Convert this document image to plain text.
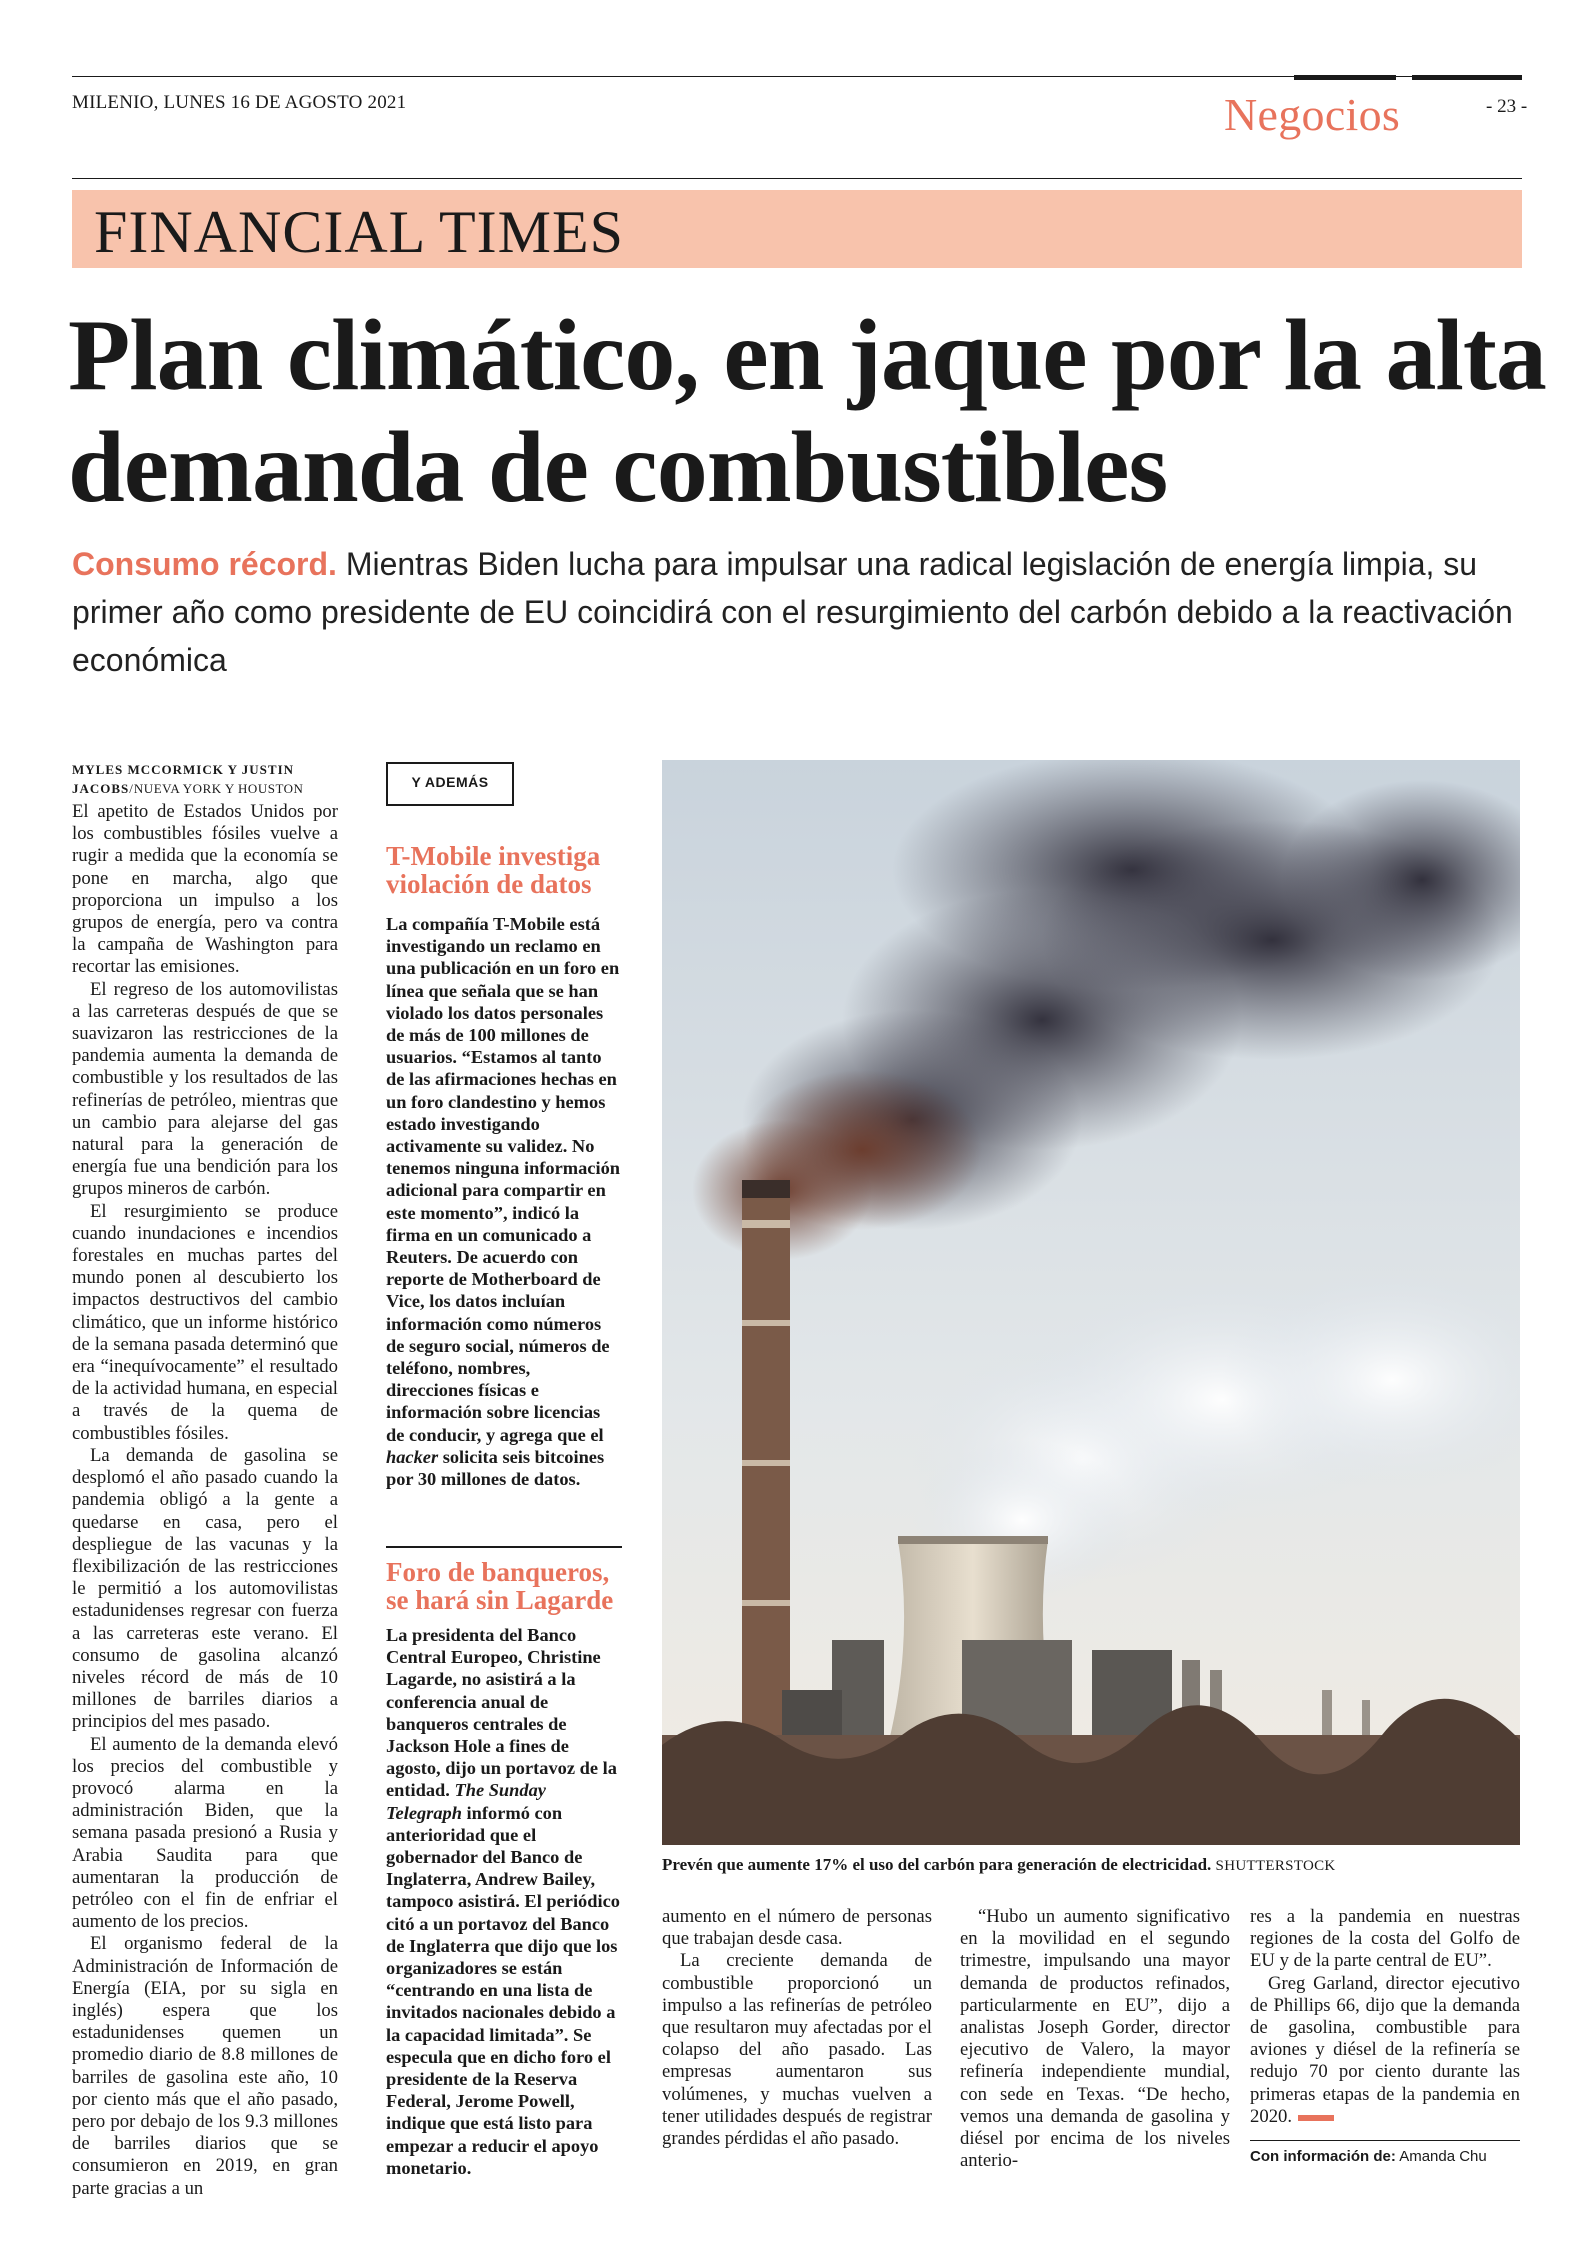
MILENIO, LUNES 16 DE AGOSTO 2021	Negocios	- 23 -
FINANCIAL TIMES
Plan climático, en jaque por la alta demanda de combustibles
Consumo récord. Mientras Biden lucha para impulsar una radical legislación de energía limpia, su primer año como presidente de EU coincidirá con el resurgimiento del carbón debido a la reactivación económica
MYLES MCCORMICK Y JUSTIN JACOBS/NUEVA YORK Y HOUSTON

El apetito de Estados Unidos por los combustibles fósiles vuelve a rugir a medida que la economía se pone en marcha, algo que proporciona un impulso a los grupos de energía, pero va contra la campaña de Washington para recortar las emisiones.

El regreso de los automovilistas a las carreteras después de que se suavizaron las restricciones de la pandemia aumenta la demanda de combustible y los resultados de las refinerías de petróleo, mientras que un cambio para alejarse del gas natural para la generación de energía fue una bendición para los grupos mineros de carbón.

El resurgimiento se produce cuando inundaciones e incendios forestales en muchas partes del mundo ponen al descubierto los impactos destructivos del cambio climático, que un informe histórico de la semana pasada determinó que era “inequívocamente” el resultado de la actividad humana, en especial a través de la quema de combustibles fósiles.

La demanda de gasolina se desplomó el año pasado cuando la pandemia obligó a la gente a quedarse en casa, pero el despliegue de las vacunas y la flexibilización de las restricciones le permitió a los automovilistas estadunidenses regresar con fuerza a las carreteras este verano. El consumo de gasolina alcanzó niveles récord de más de 10 millones de barriles diarios a principios del mes pasado.

El aumento de la demanda elevó los precios del combustible y provocó alarma en la administración Biden, que la semana pasada presionó a Rusia y Arabia Saudita para que aumentaran la producción de petróleo con el fin de enfriar el aumento de los precios.

El organismo federal de la Administración de Información de Energía (EIA, por su sigla en inglés) espera que los estadunidenses quemen un promedio diario de 8.8 millones de barriles de gasolina este año, 10 por ciento más que el año pasado, pero por debajo de los 9.3 millones de barriles diarios que se consumieron en 2019, en gran parte gracias a un

Y ADEMÁS
T-Mobile investiga violación de datos

La compañía T-Mobile está investigando un reclamo en una publicación en un foro en línea que señala que se han violado los datos personales de más de 100 millones de usuarios. “Estamos al tanto de las afirmaciones hechas en un foro clandestino y hemos estado investigando activamente su validez. No tenemos ninguna información adicional para compartir en este momento”, indicó la firma en un comunicado a Reuters. De acuerdo con reporte de Motherboard de Vice, los datos incluían información como números de seguro social, números de teléfono, nombres, direcciones físicas e información sobre licencias de conducir, y agrega que el hacker solicita seis bitcoines por 30 millones de datos.

Foro de banqueros, se hará sin Lagarde

La presidenta del Banco Central Europeo, Christine Lagarde, no asistirá a la conferencia anual de banqueros centrales de Jackson Hole a fines de agosto, dijo un portavoz de la entidad. The Sunday Telegraph informó con anterioridad que el gobernador del Banco de Inglaterra, Andrew Bailey, tampoco asistirá. El periódico citó a un portavoz del Banco de Inglaterra que dijo que los organizadores se están “centrando en una lista de invitados nacionales debido a la capacidad limitada”. Se especula que en dicho foro el presidente de la Reserva Federal, Jerome Powell, indique que está listo para empezar a reducir el apoyo monetario.

Prevén que aumente 17% el uso del carbón para generación de electricidad. SHUTTERSTOCK

aumento en el número de personas que trabajan desde casa.

La creciente demanda de combustible proporcionó un impulso a las refinerías de petróleo que resultaron muy afectadas por el colapso del año pasado. Las empresas aumentaron sus volúmenes, y muchas vuelven a tener utilidades después de registrar grandes pérdidas el año pasado.

“Hubo un aumento significativo en la movilidad en el segundo trimestre, impulsando una mayor demanda de productos refinados, particularmente en EU”, dijo a analistas Joseph Gorder, director ejecutivo de Valero, la mayor refinería independiente mundial, con sede en Texas. “De hecho, vemos una demanda de gasolina y diésel por encima de los niveles anterio-

res a la pandemia en nuestras regiones de la costa del Golfo de EU y de la parte central de EU”.

Greg Garland, director ejecutivo de Phillips 66, dijo que la demanda de gasolina, combustible para aviones y diésel de la refinería se redujo 70 por ciento durante las primeras etapas de la pandemia en 2020.

Con información de: Amanda Chu
